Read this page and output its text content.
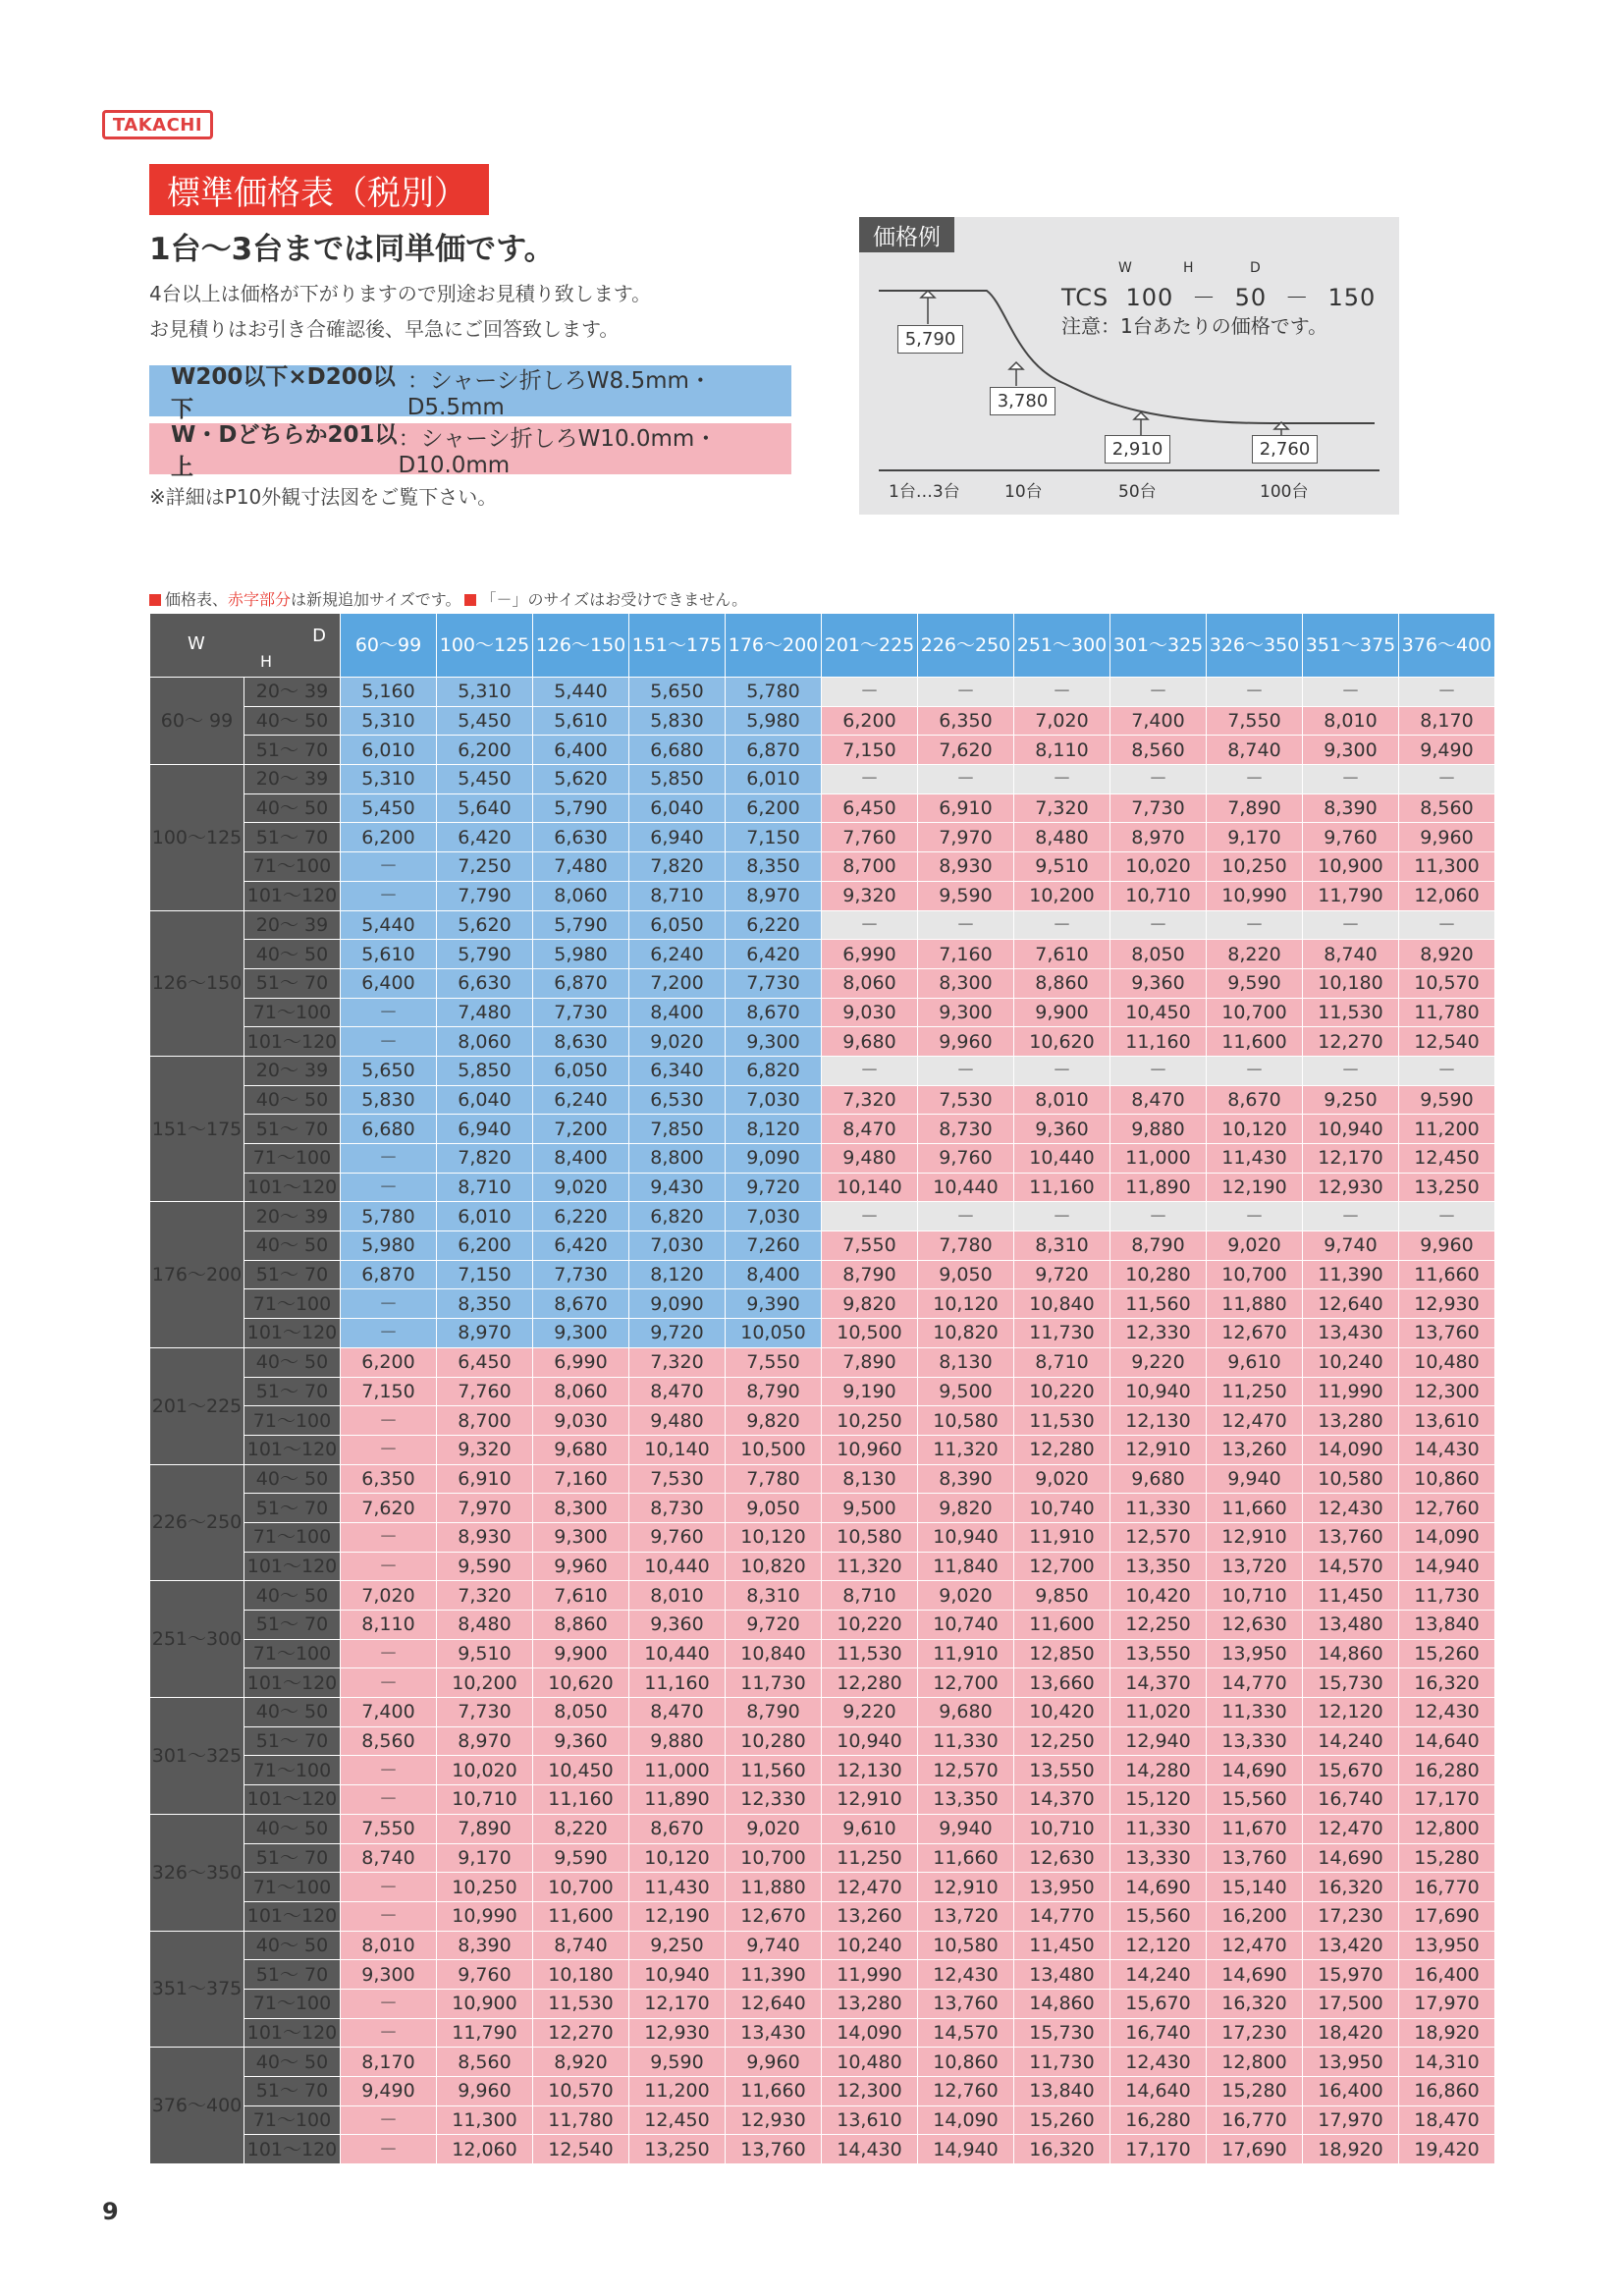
TAKACHI
標準価格表（税別）
1台～3台までは同単価です。
4台以上は価格が下がりますので別途お見積り致します。
お見積りはお引き合確認後、早急にご回答致します。
W200以下×D200以下
：シャーシ折しろW8.5mm・D5.5mm
W・Dどちらか201以上
：シャーシ折しろW10.0mm・D10.0mm
※詳細はP10外観寸法図をご覧下さい。
価格例
W	H	D
TCS 100 － 50 － 150
注意：1台あたりの価格です。
5,790
3,780
2,910	2,760
1台…3台	10台	50台	100台
価格表、赤字部分は新規追加サイズです。 「－」のサイズはお受けできません。
W
H
D		60～99	100～125	126～150	151～175	176～200	201～225	226～250	251～300	301～325	326～350	351～375	376～400
60～ 99	20～ 39	5,160	5,310	5,440	5,650	5,780	－	－	－	－	－	－	－
	40～ 50	5,310	5,450	5,610	5,830	5,980	6,200	6,350	7,020	7,400	7,550	8,010	8,170
	51～ 70	6,010	6,200	6,400	6,680	6,870	7,150	7,620	8,110	8,560	8,740	9,300	9,490
100～125	20～ 39	5,310	5,450	5,620	5,850	6,010	－	－	－	－	－	－	－
	40～ 50	5,450	5,640	5,790	6,040	6,200	6,450	6,910	7,320	7,730	7,890	8,390	8,560
	51～ 70	6,200	6,420	6,630	6,940	7,150	7,760	7,970	8,480	8,970	9,170	9,760	9,960
	71～100	－	7,250	7,480	7,820	8,350	8,700	8,930	9,510	10,020	10,250	10,900	11,300
	101～120	－	7,790	8,060	8,710	8,970	9,320	9,590	10,200	10,710	10,990	11,790	12,060
126～150	20～ 39	5,440	5,620	5,790	6,050	6,220	－	－	－	－	－	－	－
	40～ 50	5,610	5,790	5,980	6,240	6,420	6,990	7,160	7,610	8,050	8,220	8,740	8,920
	51～ 70	6,400	6,630	6,870	7,200	7,730	8,060	8,300	8,860	9,360	9,590	10,180	10,570
	71～100	－	7,480	7,730	8,400	8,670	9,030	9,300	9,900	10,450	10,700	11,530	11,780
	101～120	－	8,060	8,630	9,020	9,300	9,680	9,960	10,620	11,160	11,600	12,270	12,540
151～175	20～ 39	5,650	5,850	6,050	6,340	6,820	－	－	－	－	－	－	－
	40～ 50	5,830	6,040	6,240	6,530	7,030	7,320	7,530	8,010	8,470	8,670	9,250	9,590
	51～ 70	6,680	6,940	7,200	7,850	8,120	8,470	8,730	9,360	9,880	10,120	10,940	11,200
	71～100	－	7,820	8,400	8,800	9,090	9,480	9,760	10,440	11,000	11,430	12,170	12,450
	101～120	－	8,710	9,020	9,430	9,720	10,140	10,440	11,160	11,890	12,190	12,930	13,250
176～200	20～ 39	5,780	6,010	6,220	6,820	7,030	－	－	－	－	－	－	－
	40～ 50	5,980	6,200	6,420	7,030	7,260	7,550	7,780	8,310	8,790	9,020	9,740	9,960
	51～ 70	6,870	7,150	7,730	8,120	8,400	8,790	9,050	9,720	10,280	10,700	11,390	11,660
	71～100	－	8,350	8,670	9,090	9,390	9,820	10,120	10,840	11,560	11,880	12,640	12,930
	101～120	－	8,970	9,300	9,720	10,050	10,500	10,820	11,730	12,330	12,670	13,430	13,760
201～225	40～ 50	6,200	6,450	6,990	7,320	7,550	7,890	8,130	8,710	9,220	9,610	10,240	10,480
	51～ 70	7,150	7,760	8,060	8,470	8,790	9,190	9,500	10,220	10,940	11,250	11,990	12,300
	71～100	－	8,700	9,030	9,480	9,820	10,250	10,580	11,530	12,130	12,470	13,280	13,610
	101～120	－	9,320	9,680	10,140	10,500	10,960	11,320	12,280	12,910	13,260	14,090	14,430
226～250	40～ 50	6,350	6,910	7,160	7,530	7,780	8,130	8,390	9,020	9,680	9,940	10,580	10,860
	51～ 70	7,620	7,970	8,300	8,730	9,050	9,500	9,820	10,740	11,330	11,660	12,430	12,760
	71～100	－	8,930	9,300	9,760	10,120	10,580	10,940	11,910	12,570	12,910	13,760	14,090
	101～120	－	9,590	9,960	10,440	10,820	11,320	11,840	12,700	13,350	13,720	14,570	14,940
251～300	40～ 50	7,020	7,320	7,610	8,010	8,310	8,710	9,020	9,850	10,420	10,710	11,450	11,730
	51～ 70	8,110	8,480	8,860	9,360	9,720	10,220	10,740	11,600	12,250	12,630	13,480	13,840
	71～100	－	9,510	9,900	10,440	10,840	11,530	11,910	12,850	13,550	13,950	14,860	15,260
	101～120	－	10,200	10,620	11,160	11,730	12,280	12,700	13,660	14,370	14,770	15,730	16,320
301～325	40～ 50	7,400	7,730	8,050	8,470	8,790	9,220	9,680	10,420	11,020	11,330	12,120	12,430
	51～ 70	8,560	8,970	9,360	9,880	10,280	10,940	11,330	12,250	12,940	13,330	14,240	14,640
	71～100	－	10,020	10,450	11,000	11,560	12,130	12,570	13,550	14,280	14,690	15,670	16,280
	101～120	－	10,710	11,160	11,890	12,330	12,910	13,350	14,370	15,120	15,560	16,740	17,170
326～350	40～ 50	7,550	7,890	8,220	8,670	9,020	9,610	9,940	10,710	11,330	11,670	12,470	12,800
	51～ 70	8,740	9,170	9,590	10,120	10,700	11,250	11,660	12,630	13,330	13,760	14,690	15,280
	71～100	－	10,250	10,700	11,430	11,880	12,470	12,910	13,950	14,690	15,140	16,320	16,770
	101～120	－	10,990	11,600	12,190	12,670	13,260	13,720	14,770	15,560	16,200	17,230	17,690
351～375	40～ 50	8,010	8,390	8,740	9,250	9,740	10,240	10,580	11,450	12,120	12,470	13,420	13,950
	51～ 70	9,300	9,760	10,180	10,940	11,390	11,990	12,430	13,480	14,240	14,690	15,970	16,400
	71～100	－	10,900	11,530	12,170	12,640	13,280	13,760	14,860	15,670	16,320	17,500	17,970
	101～120	－	11,790	12,270	12,930	13,430	14,090	14,570	15,730	16,740	17,230	18,420	18,920
376～400	40～ 50	8,170	8,560	8,920	9,590	9,960	10,480	10,860	11,730	12,430	12,800	13,950	14,310
	51～ 70	9,490	9,960	10,570	11,200	11,660	12,300	12,760	13,840	14,640	15,280	16,400	16,860
	71～100	－	11,300	11,780	12,450	12,930	13,610	14,090	15,260	16,280	16,770	17,970	18,470
	101～120	－	12,060	12,540	13,250	13,760	14,430	14,940	16,320	17,170	17,690	18,920	19,420
9
